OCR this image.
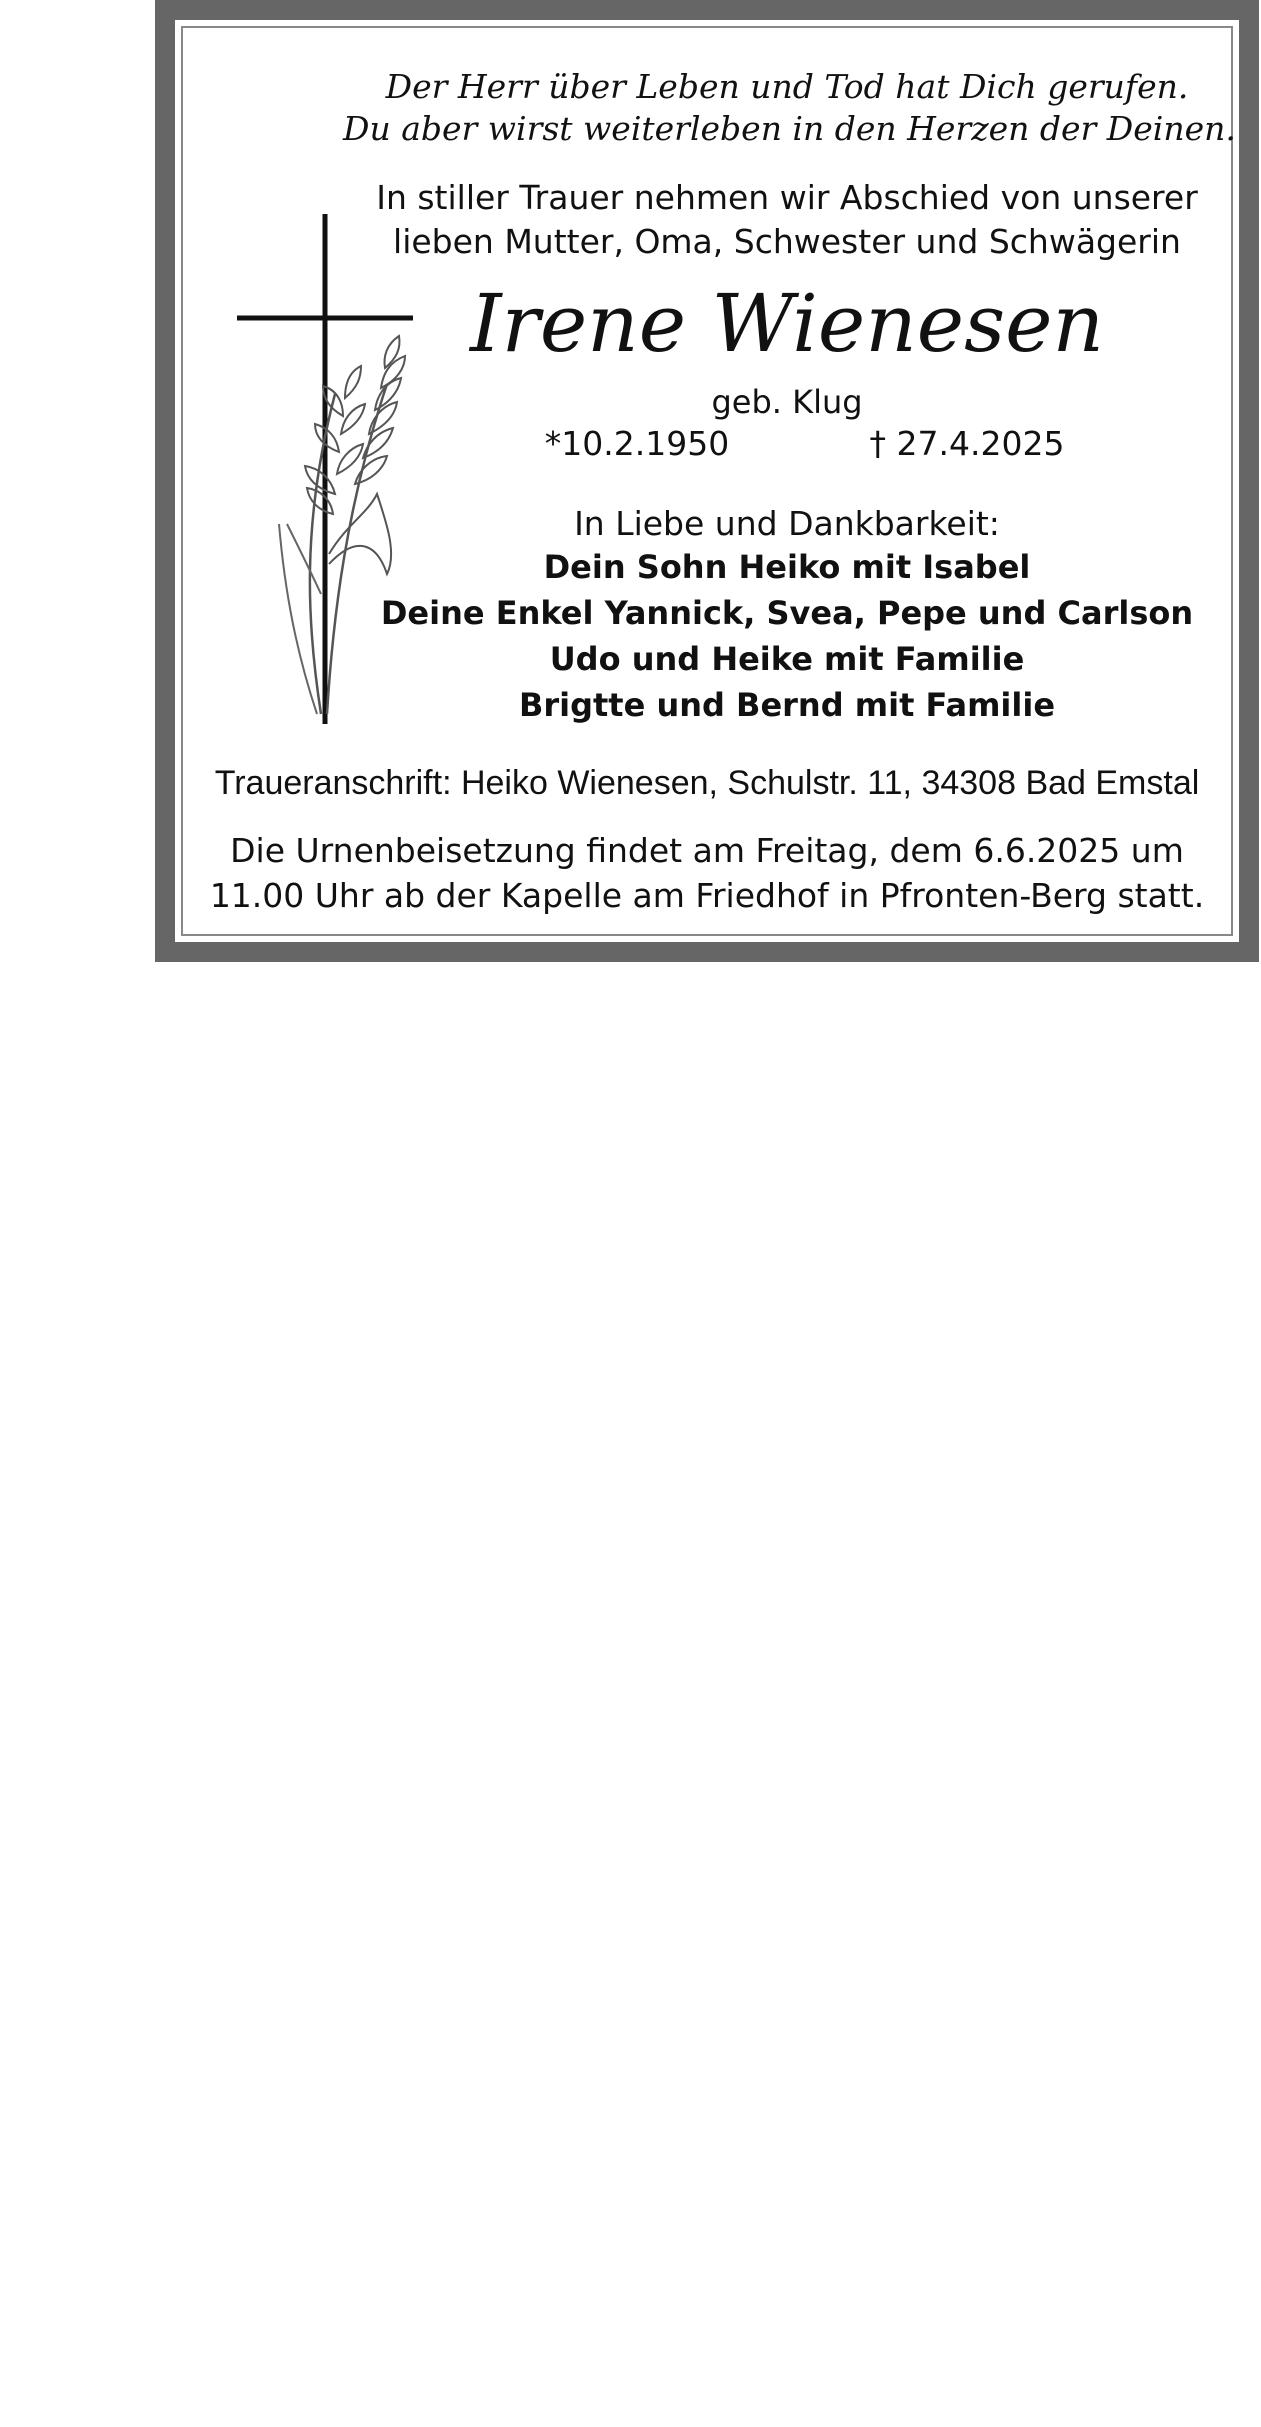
Der Herr über Leben und Tod hat Dich gerufen.
Du aber wirst weiterleben in den Herzen der Deinen.
In stiller Trauer nehmen wir Abschied von unserer
lieben Mutter, Oma, Schwester und Schwägerin
Irene Wienesen
geb. Klug
*10.2.1950	† 27.4.2025
In Liebe und Dankbarkeit:
Dein Sohn Heiko mit Isabel
Deine Enkel Yannick, Svea, Pepe und Carlson
Udo und Heike mit Familie
Brigtte und Bernd mit Familie
Traueranschrift: Heiko Wienesen, Schulstr. 11, 34308 Bad Emstal
Die Urnenbeisetzung findet am Freitag, dem 6.6.2025 um
11.00 Uhr ab der Kapelle am Friedhof in Pfronten-Berg statt.
